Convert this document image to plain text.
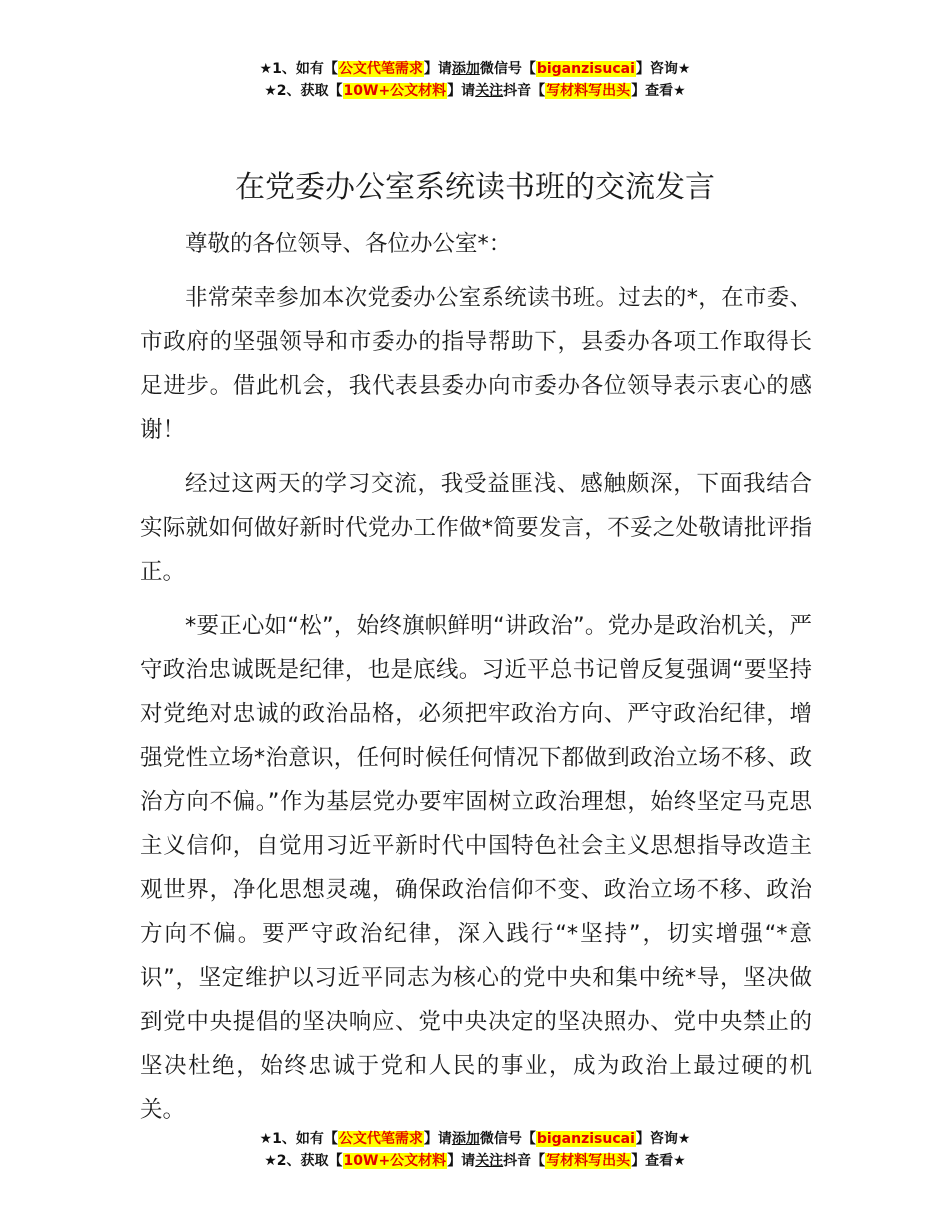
★1、如有【公文代笔需求】请添加微信号【biganzisucai】咨询★
★2、获取【10W+公文材料】请关注抖音【写材料写出头】查看★
在党委办公室系统读书班的交流发言

尊敬的各位领导、各位办公室*：

非常荣幸参加本次党委办公室系统读书班。过去的*，在市委、市政府的坚强领导和市委办的指导帮助下，县委办各项工作取得长足进步。借此机会，我代表县委办向市委办各位领导表示衷心的感谢！

经过这两天的学习交流，我受益匪浅、感触颇深，下面我结合实际就如何做好新时代党办工作做*简要发言，不妥之处敬请批评指正。

*要正心如“松”，始终旗帜鲜明“讲政治”。党办是政治机关，严守政治忠诚既是纪律，也是底线。习近平总书记曾反复强调“要坚持对党绝对忠诚的政治品格，必须把牢政治方向、严守政治纪律，增强党性立场*治意识，任何时候任何情况下都做到政治立场不移、政治方向不偏。”作为基层党办要牢固树立政治理想，始终坚定马克思主义信仰，自觉用习近平新时代中国特色社会主义思想指导改造主观世界，净化思想灵魂，确保政治信仰不变、政治立场不移、政治方向不偏。要严守政治纪律，深入践行“*坚持”，切实增强“*意识”，坚定维护以习近平同志为核心的党中央和集中统*导，坚决做到党中央提倡的坚决响应、党中央决定的坚决照办、党中央禁止的坚决杜绝，始终忠诚于党和人民的事业，成为政治上最过硬的机关。

★1、如有【公文代笔需求】请添加微信号【biganzisucai】咨询★
★2、获取【10W+公文材料】请关注抖音【写材料写出头】查看★
